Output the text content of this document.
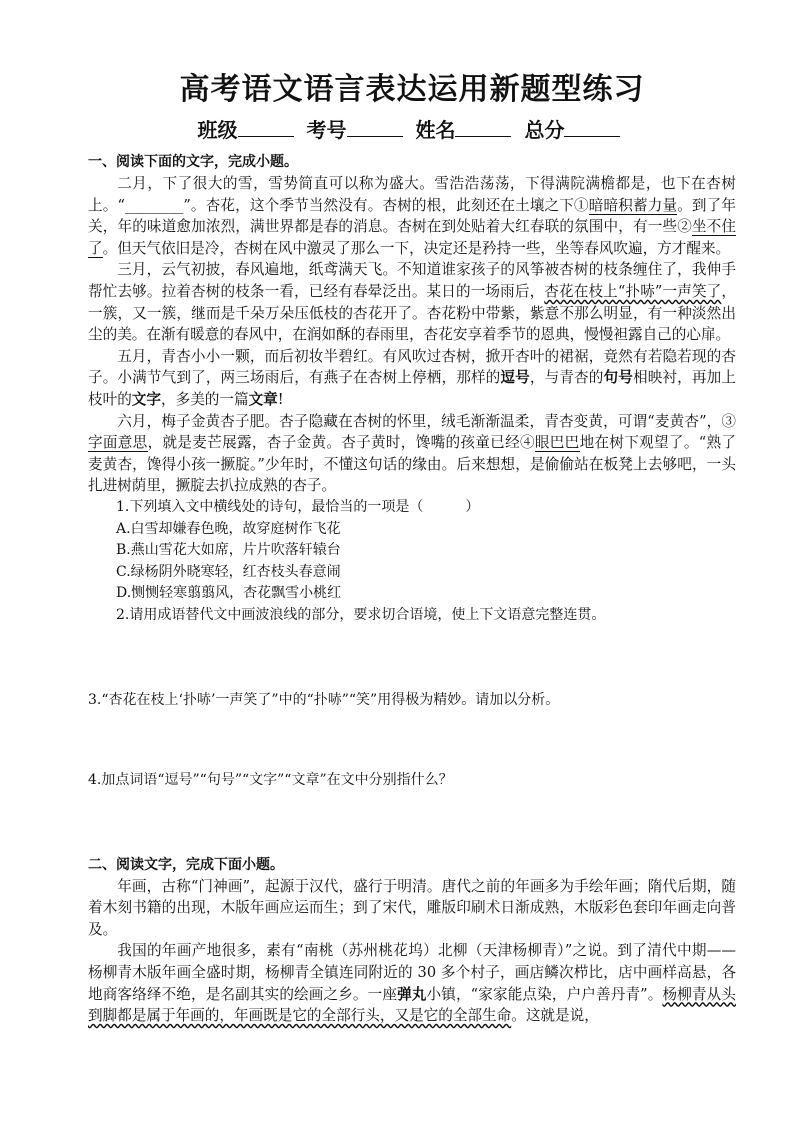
高考语文语言表达运用新题型练习
班级	考号	姓名	总分
一、阅读下面的文字，完成小题。

二月，下了很大的雪，雪势简直可以称为盛大。雪浩浩荡荡，下得满院满檐都是，也下在杏树上。“________”。杏花，这个季节当然没有。杏树的根，此刻还在土壤之下①暗暗积蓄力量。到了年关，年的味道愈加浓烈，满世界都是春的消息。杏树在到处贴着大红春联的氛围中，有一些②坐不住了。但天气依旧是冷，杏树在风中激灵了那么一下，决定还是矜持一些，坐等春风吹遍，方才醒来。

三月，云气初披，春风遍地，纸鸢满天飞。不知道谁家孩子的风筝被杏树的枝条缠住了，我伸手帮忙去够。拉着杏树的枝条一看，已经有春晕泛出。某日的一场雨后，杏花在枝上“扑哧”一声笑了，一簇，又一簇，继而是千朵万朵压低枝的杏花开了。杏花粉中带紫，紫意不那么明显，有一种淡然出尘的美。在渐有暖意的春风中，在润如酥的春雨里，杏花安享着季节的恩典，慢慢袒露自己的心扉。

五月，青杏小小一颗，而后初妆半碧红。有风吹过杏树，掀开杏叶的裙裾，竟然有若隐若现的杏子。小满节气到了，两三场雨后，有燕子在杏树上停栖，那样的逗号，与青杏的句号相映衬，再加上枝叶的文字，多美的一篇文章!

六月，梅子金黄杏子肥。杏子隐藏在杏树的怀里，绒毛渐渐温柔，青杏变黄，可谓“麦黄杏”，③字面意思，就是麦芒展露，杏子金黄。杏子黄时，馋嘴的孩童已经④眼巴巴地在树下观望了。“熟了麦黄杏，馋得小孩一撅腚。”少年时，不懂这句话的缘由。后来想想，是偷偷站在板凳上去够吧，一头扎进树荫里，撅腚去扒拉成熟的杏子。

1.下列填入文中横线处的诗句，最恰当的一项是（　　　）
A.白雪却嫌春色晚，故穿庭树作飞花
B.燕山雪花大如席，片片吹落轩辕台
C.绿杨阴外晓寒轻，红杏枝头春意闹
D.恻恻轻寒翦翦风，杏花飘雪小桃红
2.请用成语替代文中画波浪线的部分，要求切合语境，使上下文语意完整连贯。
3.“杏花在枝上‘扑哧’一声笑了”中的“扑哧”“笑”用得极为精妙。请加以分析。
4.加点词语“逗号”“句号”“文字”“文章”在文中分别指什么？
二、阅读文字，完成下面小题。

年画，古称“门神画”，起源于汉代，盛行于明清。唐代之前的年画多为手绘年画；隋代后期，随着木刻书籍的出现，木版年画应运而生；到了宋代，雕版印刷术日渐成熟，木版彩色套印年画走向普及。

我国的年画产地很多，素有“南桃（苏州桃花坞）北柳（天津杨柳青）”之说。到了清代中期——杨柳青木版年画全盛时期，杨柳青全镇连同附近的 30 多个村子，画店鳞次栉比，店中画样高悬，各地商客络绎不绝，是名副其实的绘画之乡。一座弹丸小镇，“家家能点染，户户善丹青”。杨柳青从头到脚都是属于年画的，年画既是它的全部行头，又是它的全部生命。这就是说，
